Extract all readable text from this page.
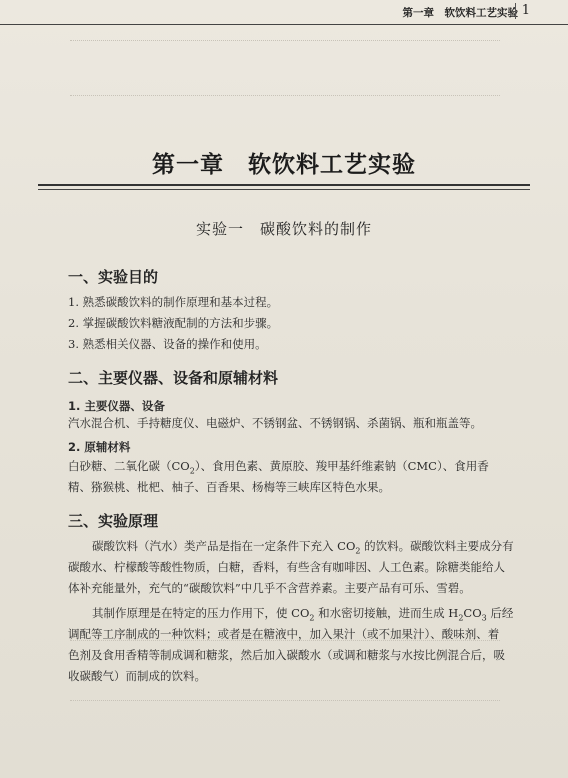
第一章　软饮料工艺实验 1
第一章　软饮料工艺实验
实验一　碳酸饮料的制作
一、实验目的
1. 熟悉碳酸饮料的制作原理和基本过程。
2. 掌握碳酸饮料糖液配制的方法和步骤。
3. 熟悉相关仪器、设备的操作和使用。
二、主要仪器、设备和原辅材料
1. 主要仪器、设备
汽水混合机、手持糖度仪、电磁炉、不锈钢盆、不锈钢锅、杀菌锅、瓶和瓶盖等。
2. 原辅材料
白砂糖、二氧化碳$(CO_2)$、食用色素、黄原胶、羧甲基纤维素钠（CMC）、食用香
精、猕猴桃、枇杷、柚子、百香果、杨梅等三峡库区特色水果。
三、实验原理
碳酸饮料（汽水）类产品是指在一定条件下充入 $CO_2$ 的饮料。碳酸饮料主要成分有
碳酸水、柠檬酸等酸性物质，白糖，香料，有些含有咖啡因、人工色素。除糖类能给人
体补充能量外，充气的“碳酸饮料”中几乎不含营养素。主要产品有可乐、雪碧。
其制作原理是在特定的压力作用下，使 $CO_2$ 和水密切接触，进而生成 $H_2CO_3$ 后经
调配等工序制成的一种饮料；或者是在糖液中，加入果汁（或不加果汁）、酸味剂、着
色剂及食用香精等制成调和糖浆，然后加入碳酸水（或调和糖浆与水按比例混合后，吸
收碳酸气）而制成的饮料。
